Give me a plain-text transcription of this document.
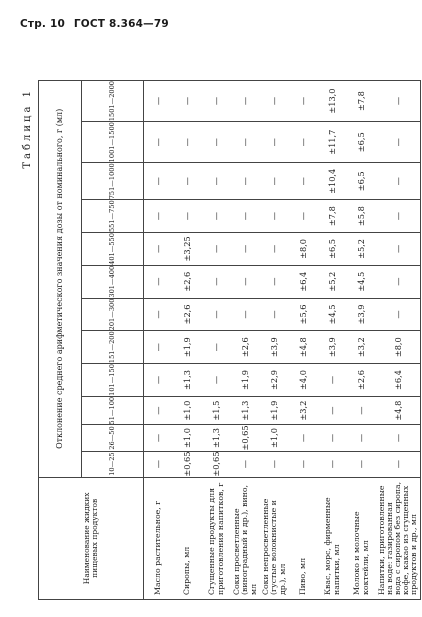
Стр. 10 ГОСТ 8.364—79
Таблица 1
Наименование жидких пищевых продуктов	Отклонение среднего арифметического значения дозы от номинального, г (мл)											
	10—25	26—50	51—100	101—150	151—200	201—300	301—400	401—550	551—750	751—1000	1001—1500	1501—2000
Масло растительное, г	—	—	—	—	—	—	—	—	—	—	—	—
Сиропы, мл	±0,65	±1,0	±1,0	±1,3	±1,9	±2,6	±2,6	±3,25	—	—	—	—
Сгущенные продукты для приготовления напитков, г	±0,65	±1,3	±1,5	—	—	—	—	—	—	—	—	—
Соки просветленные (виноградный и др.), вино, мл	—	±0,65	±1,3	±1,9	±2,6	—	—	—	—	—	—	—
Соки непросветленные (густые волокнистые и др.), мл	—	±1,0	±1,9	±2,9	±3,9	—	—	—	—	—	—	—
Пиво, мл	—	—	±3,2	±4,0	±4,8	±5,6	±6,4	±8,0	—	—	—	—
Квас, морс, фирменные напитки, мл	—	—	—	—	±3,9	±4,5	±5,2	±6,5	±7,8	±10,4	±11,7	±13,0
Молоко и молочные коктейли, мл	—	—	—	±2,6	±3,2	±3,9	±4,5	±5,2	±5,8	±6,5	±6,5	±7,8
Напитки, приготовленные на воде: газированная вода с сиропом без сиропа, кофе, какао из сгущенных продуктов и др., мл	—	—	±4,8	±6,4	±8,0	—	—	—	—	—	—	—
